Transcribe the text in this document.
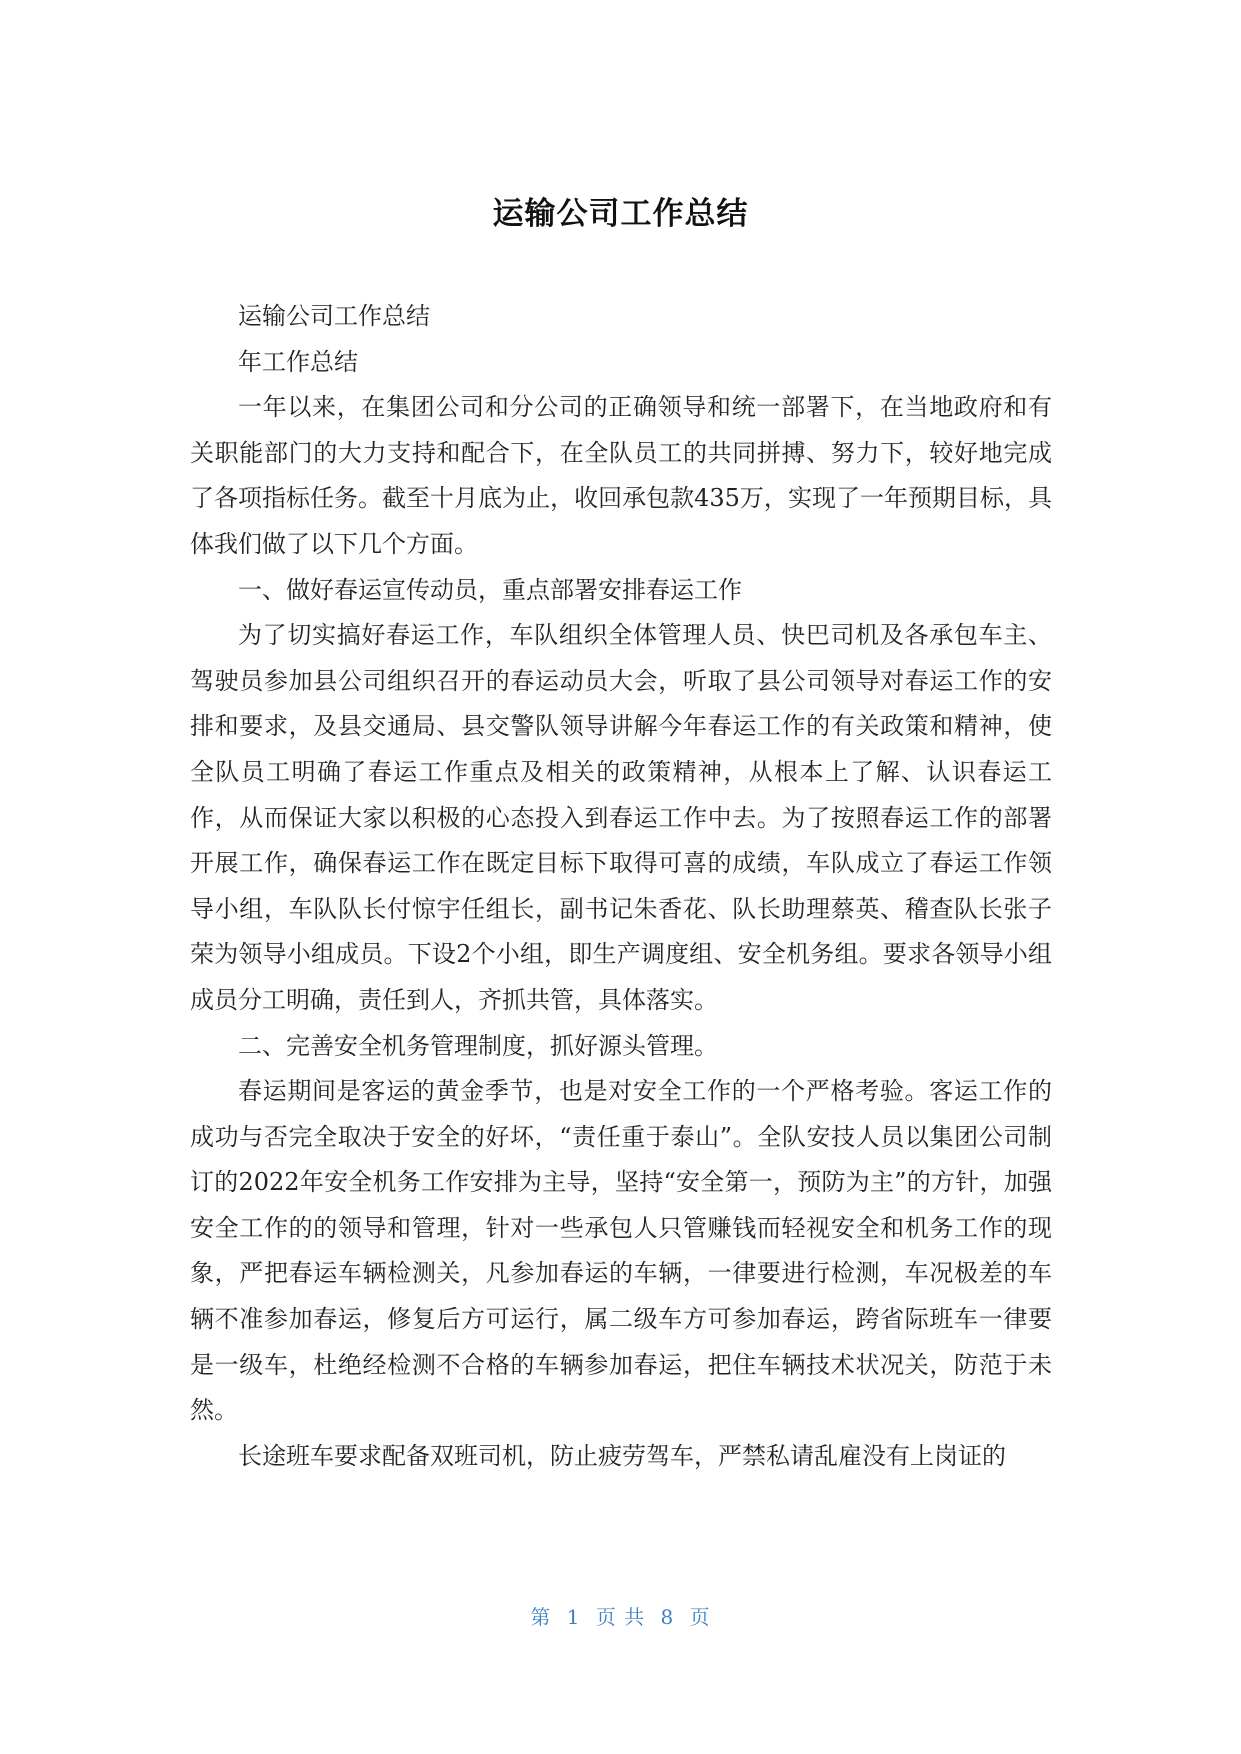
运输公司工作总结

运输公司工作总结

年工作总结

一年以来，在集团公司和分公司的正确领导和统一部署下，在当地政府和有关职能部门的大力支持和配合下，在全队员工的共同拼搏、努力下，较好地完成了各项指标任务。截至十月底为止，收回承包款435万，实现了一年预期目标，具体我们做了以下几个方面。

一、做好春运宣传动员，重点部署安排春运工作

为了切实搞好春运工作，车队组织全体管理人员、快巴司机及各承包车主、驾驶员参加县公司组织召开的春运动员大会，听取了县公司领导对春运工作的安排和要求，及县交通局、县交警队领导讲解今年春运工作的有关政策和精神，使全队员工明确了春运工作重点及相关的政策精神，从根本上了解、认识春运工作，从而保证大家以积极的心态投入到春运工作中去。为了按照春运工作的部署开展工作，确保春运工作在既定目标下取得可喜的成绩，车队成立了春运工作领导小组，车队队长付惊宇任组长，副书记朱香花、队长助理蔡英、稽查队长张子荣为领导小组成员。下设2个小组，即生产调度组、安全机务组。要求各领导小组成员分工明确，责任到人，齐抓共管，具体落实。

二、完善安全机务管理制度，抓好源头管理。

春运期间是客运的黄金季节，也是对安全工作的一个严格考验。客运工作的成功与否完全取决于安全的好坏，“责任重于泰山”。全队安技人员以集团公司制订的2022年安全机务工作安排为主导，坚持“安全第一，预防为主”的方针，加强安全工作的的领导和管理，针对一些承包人只管赚钱而轻视安全和机务工作的现象，严把春运车辆检测关，凡参加春运的车辆，一律要进行检测，车况极差的车辆不准参加春运，修复后方可运行，属二级车方可参加春运，跨省际班车一律要是一级车，杜绝经检测不合格的车辆参加春运，把住车辆技术状况关，防范于未然。

长途班车要求配备双班司机，防止疲劳驾车，严禁私请乱雇没有上岗证的

第 1 页 共 8 页
